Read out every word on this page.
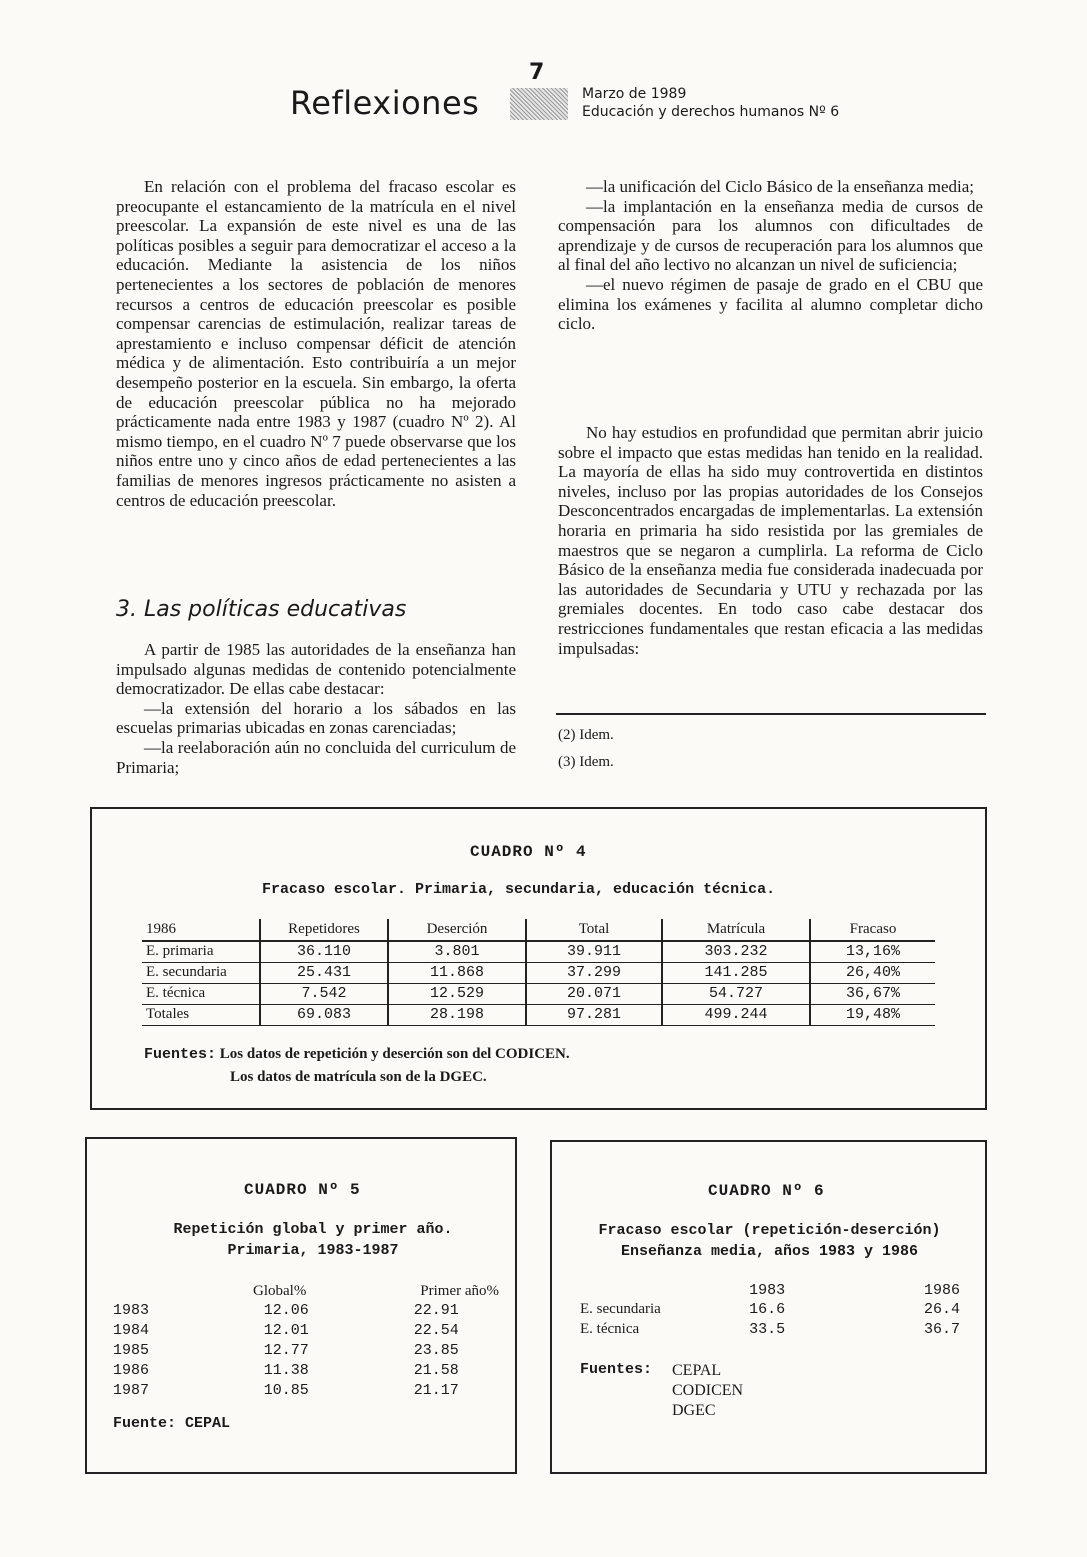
7
Reflexiones	Marzo de 1989
Educación y derechos humanos Nº 6

En relación con el problema del fracaso escolar es preocupante el estancamiento de la matrícula en el nivel preescolar. La expansión de este nivel es una de las políticas posibles a seguir para democratizar el acceso a la educación. Mediante la asistencia de los niños pertenecientes a los sectores de población de menores recursos a centros de educación preescolar es posible compensar carencias de estimulación, realizar tareas de aprestamiento e incluso compensar déficit de atención médica y de alimentación. Esto contribuiría a un mejor desempeño posterior en la escuela. Sin embargo, la oferta de educación preescolar pública no ha mejorado prácticamente nada entre 1983 y 1987 (cuadro Nº 2). Al mismo tiempo, en el cuadro Nº 7 puede observarse que los niños entre uno y cinco años de edad pertenecientes a las familias de menores ingresos prácticamente no asisten a centros de educación preescolar.

3. Las políticas educativas

A partir de 1985 las autoridades de la enseñanza han impulsado algunas medidas de contenido potencialmente democratizador. De ellas cabe destacar:

—la extensión del horario a los sábados en las escuelas primarias ubicadas en zonas carenciadas;

—la reelaboración aún no concluida del curriculum de Primaria;

—la unificación del Ciclo Básico de la enseñanza media;

—la implantación en la enseñanza media de cursos de compensación para los alumnos con dificultades de aprendizaje y de cursos de recuperación para los alumnos que al final del año lectivo no alcanzan un nivel de suficiencia;

—el nuevo régimen de pasaje de grado en el CBU que elimina los exámenes y facilita al alumno completar dicho ciclo.

No hay estudios en profundidad que permitan abrir juicio sobre el impacto que estas medidas han tenido en la realidad. La mayoría de ellas ha sido muy controvertida en distintos niveles, incluso por las propias autoridades de los Consejos Desconcentrados encargadas de implementarlas. La extensión horaria en primaria ha sido resistida por las gremiales de maestros que se negaron a cumplirla. La reforma de Ciclo Básico de la enseñanza media fue considerada inadecuada por las autoridades de Secundaria y UTU y rechazada por las gremiales docentes. En todo caso cabe destacar dos restricciones fundamentales que restan eficacia a las medidas impulsadas:

(2) Idem.
(3) Idem.
CUADRO Nº 4
Fracaso escolar. Primaria, secundaria, educación técnica.
1986	Repetidores	Deserción	Total	Matrícula	Fracaso
E. primaria	36.110	3.801	39.911	303.232	13,16%
E. secundaria	25.431	11.868	37.299	141.285	26,40%
E. técnica	7.542	12.529	20.071	54.727	36,67%
Totales	69.083	28.198	97.281	499.244	19,48%
Fuentes: Los datos de repetición y deserción son del CODICEN.
Los datos de matrícula son de la DGEC.
CUADRO Nº 5
Repetición global y primer año.
Primaria, 1983-1987
	Global%	Primer año%
1983	12.06	22.91
1984	12.01	22.54
1985	12.77	23.85
1986	11.38	21.58
1987	10.85	21.17
Fuente: CEPAL
CUADRO Nº 6
Fracaso escolar (repetición-deserción)
Enseñanza media, años 1983 y 1986
	1983	1986
E. secundaria	16.6	26.4
E. técnica	33.5	36.7
Fuentes: CEPAL
CODICEN
DGEC
